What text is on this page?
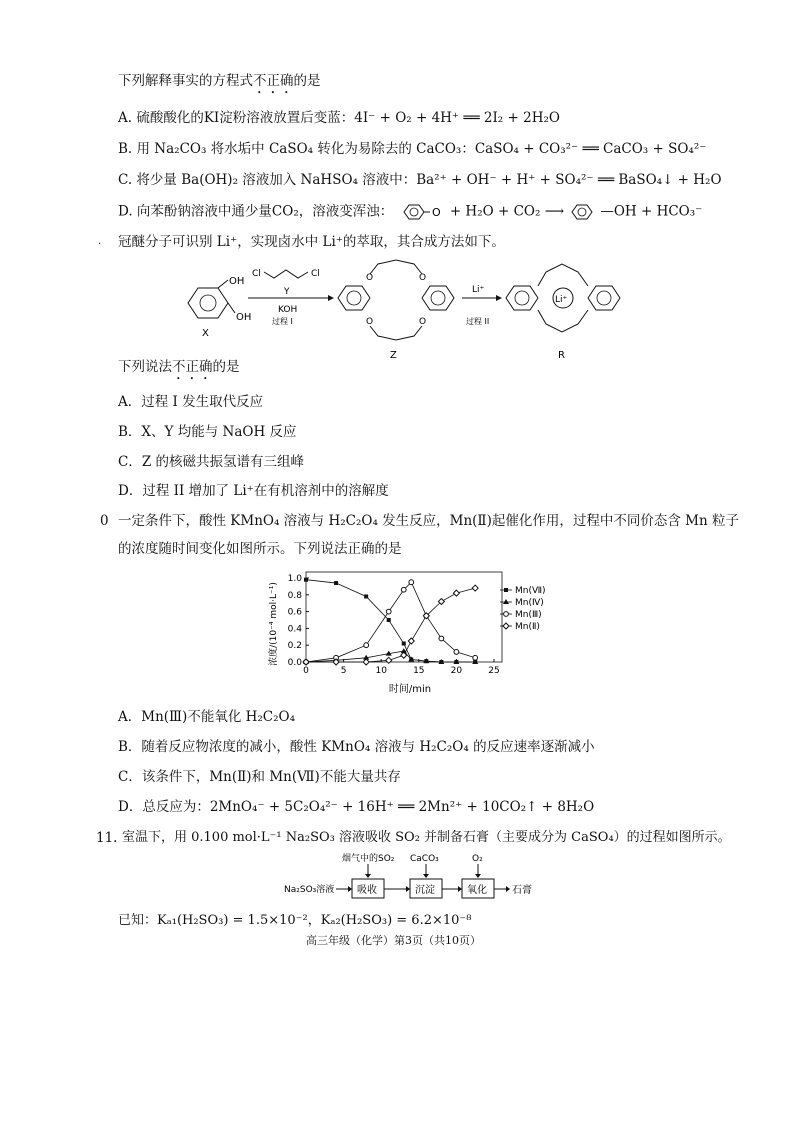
下列解释事实的方程式不正确的是
A. 硫酸酸化的KI淀粉溶液放置后变蓝：4I⁻ + O₂ + 4H⁺ ══ 2I₂ + 2H₂O
B. 用 Na₂CO₃ 将水垢中 CaSO₄ 转化为易除去的 CaCO₃：CaSO₄ + CO₃²⁻ ══ CaCO₃ + SO₄²⁻
C. 将少量 Ba(OH)₂ 溶液加入 NaHSO₄ 溶液中：Ba²⁺ + OH⁻ + H⁺ + SO₄²⁻ ══ BaSO₄↓ + H₂O
D. 向苯酚钠溶液中通少量CO₂，溶液变浑浊：	O + H₂O + CO₂ ⟶	—OH + HCO₃⁻
. 冠醚分子可识别 Li⁺，实现卤水中 Li⁺的萃取，其合成方法如下。
OH
OH
X
Cl	Cl
Y
KOH
过程 I
O	O
O	O
Z
Li⁺
过程 II
Li⁺
R
下列说法不正确的是
A．过程 I 发生取代反应
B．X、Y 均能与 NaOH 反应
C．Z 的核磁共振氢谱有三组峰
D．过程 II 增加了 Li⁺在有机溶剂中的溶解度
0 一定条件下，酸性 KMnO₄ 溶液与 H₂C₂O₄ 发生反应，Mn(Ⅱ)起催化作用，过程中不同价态含 Mn 粒子
的浓度随时间变化如图所示。下列说法正确的是
0.0
0.2
0.4
0.6
0.8
1.0
0	5	10	15	20	25
Mn(Ⅶ)
Mn(Ⅳ)
Mn(Ⅲ)
Mn(Ⅱ)
浓度/(10⁻⁴ mol·L⁻¹)
时间/min
A．Mn(Ⅲ)不能氧化 H₂C₂O₄
B．随着反应物浓度的减小，酸性 KMnO₄ 溶液与 H₂C₂O₄ 的反应速率逐渐减小
C．该条件下，Mn(Ⅱ)和 Mn(Ⅶ)不能大量共存
D．总反应为：2MnO₄⁻ + 5C₂O₄²⁻ + 16H⁺ ══ 2Mn²⁺ + 10CO₂↑ + 8H₂O
11. 室温下，用 0.100 mol·L⁻¹ Na₂SO₃ 溶液吸收 SO₂ 并制备石膏（主要成分为 CaSO₄）的过程如图所示。
烟气中的SO₂ CaCO₃	O₂
Na₂SO₃溶液 吸收	沉淀	氧化	石膏
已知：Kₐ₁(H₂SO₃) = 1.5×10⁻²，Kₐ₂(H₂SO₃) = 6.2×10⁻⁸
高三年级（化学）第3页（共10页）
